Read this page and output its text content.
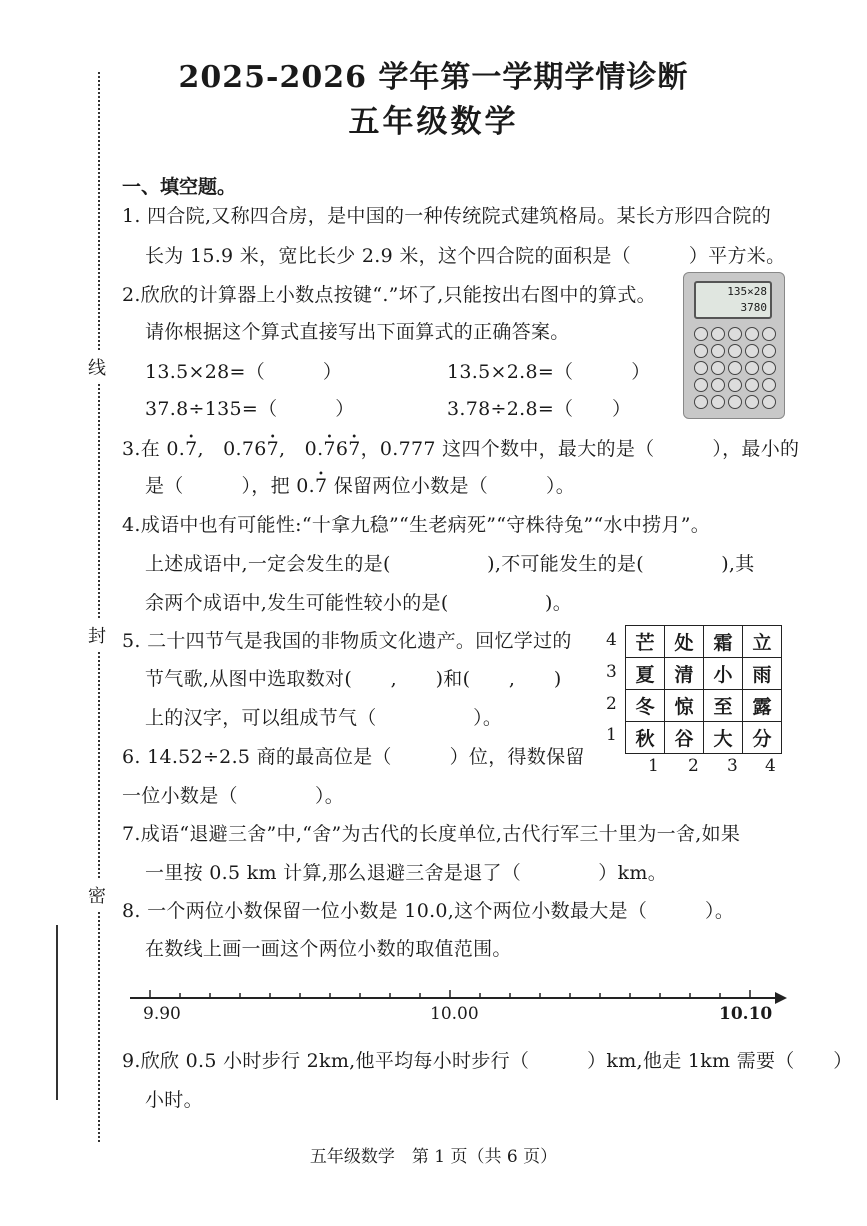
线
封
密
2025-2026 学年第一学期学情诊断
五年级数学
一、填空题。
1. 四合院,又称四合房，是中国的一种传统院式建筑格局。某长方形四合院的
长为 15.9 米，宽比长少 2.9 米，这个四合院的面积是（　　　）平方米。
2.欣欣的计算器上小数点按键“.”坏了,只能按出右图中的算式。
请你根据这个算式直接写出下面算式的正确答案。
13.5×28=（　　　）	13.5×2.8=（　　　）
37.8÷135=（　　　）	3.78÷2.8=（　　）
135×28
3780
3.在 0.• 7,　0.76• 7,　0.• 76• 7，0.777 这四个数中，最大的是（　　　），最小的
是（　　　），把 0.• 7 保留两位小数是（　　　）。
4.成语中也有可能性:“十拿九稳”“生老病死”“守株待兔”“水中捞月”。
上述成语中,一定会发生的是(　　　　　),不可能发生的是(　　　　),其
余两个成语中,发生可能性较小的是(　　　　　)。
5. 二十四节气是我国的非物质文化遗产。回忆学过的
节气歌,从图中选取数对(　　,　　)和(　　,　　)
上的汉字，可以组成节气（　　　　　）。
4
3
2
1
芒	处	霜	立
夏	清	小	雨
冬	惊	至	露
秋	谷	大	分
1 2 3 4
6. 14.52÷2.5 商的最高位是（　　　）位，得数保留
一位小数是（　　　　）。
7.成语“退避三舍”中,“舍”为古代的长度单位,古代行军三十里为一舍,如果
一里按 0.5 km 计算,那么退避三舍是退了（　　　　）km。
8. 一个两位小数保留一位小数是 10.0,这个两位小数最大是（　　　）。
在数线上画一画这个两位小数的取值范围。
9.90	10.00	10.10
9.欣欣 0.5 小时步行 2km,他平均每小时步行（　　　）km,他走 1km 需要（　　）
小时。
五年级数学　第 1 页（共 6 页）
